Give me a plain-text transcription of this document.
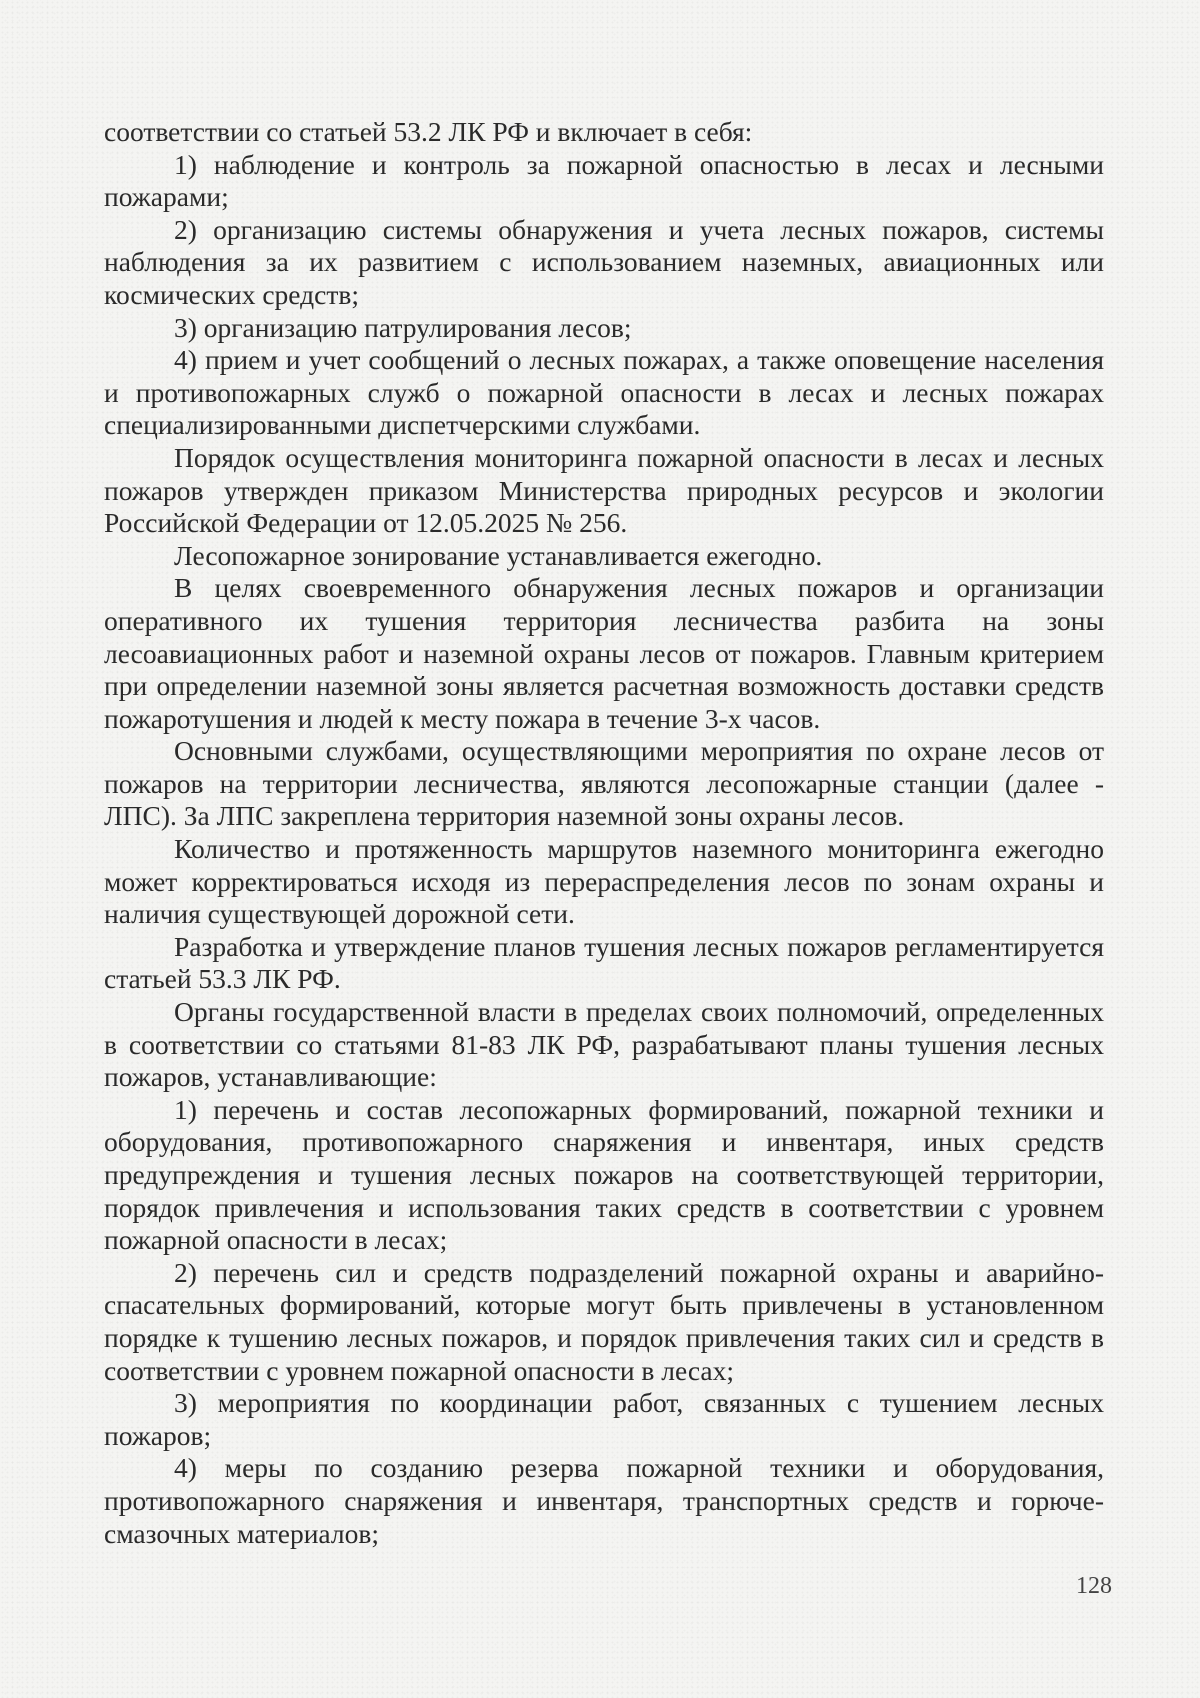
соответствии со статьей 53.2 ЛК РФ и включает в себя:

1) наблюдение и контроль за пожарной опасностью в лесах и лесными пожарами;

2) организацию системы обнаружения и учета лесных пожаров, системы наблюдения за их развитием с использованием наземных, авиационных или космических средств;

3) организацию патрулирования лесов;

4) прием и учет сообщений о лесных пожарах, а также оповещение населения и противопожарных служб о пожарной опасности в лесах и лесных пожарах специализированными диспетчерскими службами.

Порядок осуществления мониторинга пожарной опасности в лесах и лесных пожаров утвержден приказом Министерства природных ресурсов и экологии Российской Федерации от 12.05.2025 № 256.

Лесопожарное зонирование устанавливается ежегодно.

В целях своевременного обнаружения лесных пожаров и организации оперативного их тушения территория лесничества разбита на зоны лесоавиационных работ и наземной охраны лесов от пожаров. Главным критерием при определении наземной зоны является расчетная возможность доставки средств пожаротушения и людей к месту пожара в течение 3-х часов.

Основными службами, осуществляющими мероприятия по охране лесов от пожаров на территории лесничества, являются лесопожарные станции (далее - ЛПС). За ЛПС закреплена территория наземной зоны охраны лесов.

Количество и протяженность маршрутов наземного мониторинга ежегодно может корректироваться исходя из перераспределения лесов по зонам охраны и наличия существующей дорожной сети.

Разработка и утверждение планов тушения лесных пожаров регламентируется статьей 53.3 ЛК РФ.

Органы государственной власти в пределах своих полномочий, определенных в соответствии со статьями 81-83 ЛК РФ, разрабатывают планы тушения лесных пожаров, устанавливающие:

1) перечень и состав лесопожарных формирований, пожарной техники и оборудования, противопожарного снаряжения и инвентаря, иных средств предупреждения и тушения лесных пожаров на соответствующей территории, порядок привлечения и использования таких средств в соответствии с уровнем пожарной опасности в лесах;

2) перечень сил и средств подразделений пожарной охраны и аварийно-спасательных формирований, которые могут быть привлечены в установленном порядке к тушению лесных пожаров, и порядок привлечения таких сил и средств в соответствии с уровнем пожарной опасности в лесах;

3) мероприятия по координации работ, связанных с тушением лесных пожаров;

4) меры по созданию резерва пожарной техники и оборудования, противопожарного снаряжения и инвентаря, транспортных средств и горюче-смазочных материалов;

128
